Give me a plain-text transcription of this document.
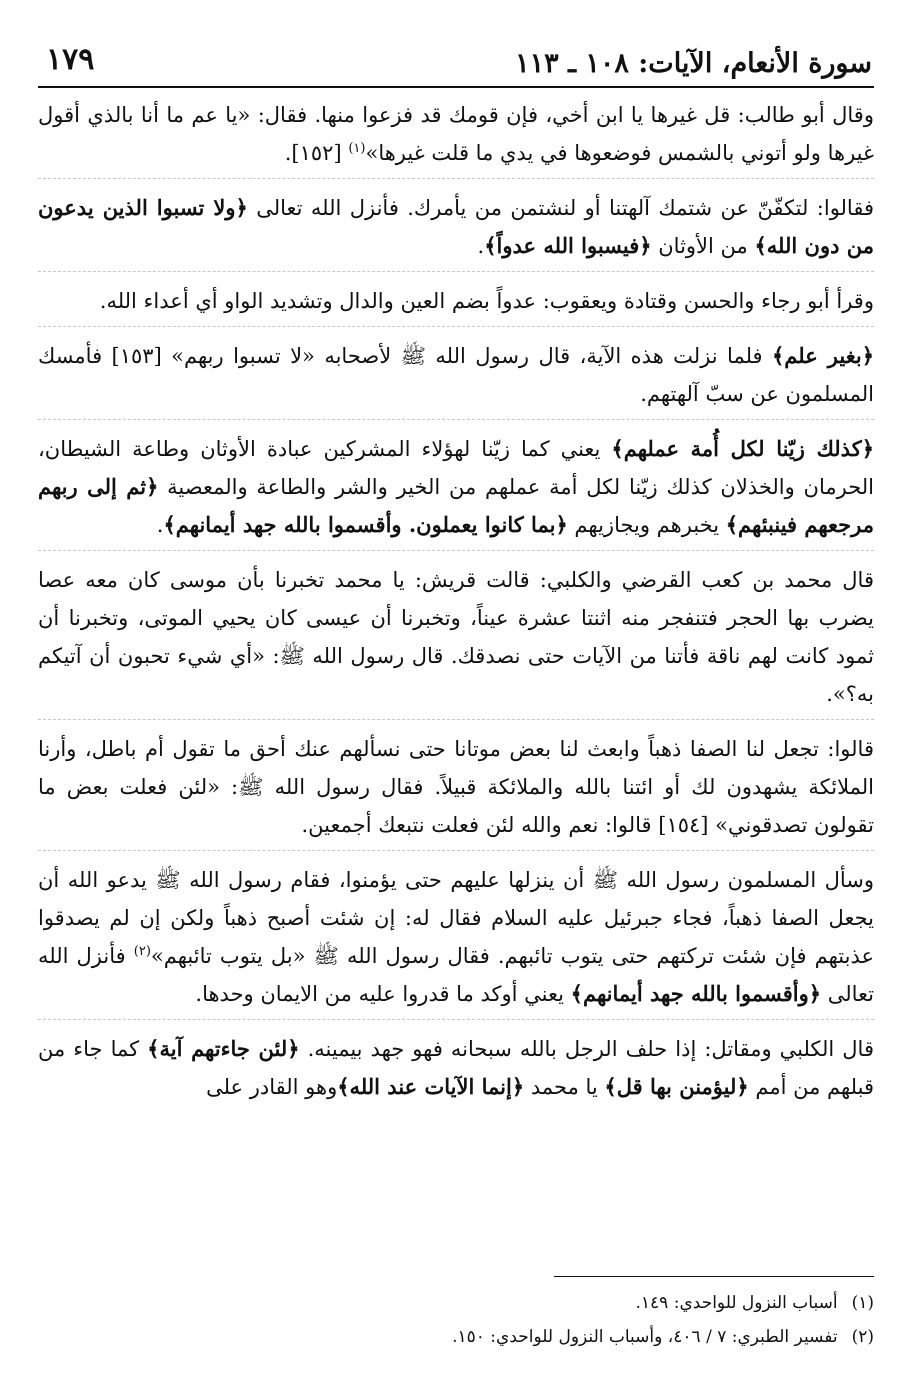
سورة الأنعام، الآيات: ١٠٨ ـ ١١٣
١٧٩

وقال أبو طالب: قل غيرها يا ابن أخي، فإن قومك قد فزعوا منها. فقال: «يا عم ما أنا بالذي أقول غيرها ولو أتوني بالشمس فوضعوها في يدي ما قلت غيرها»$^{(١)}$ [١٥٢].

فقالوا: لتكفّنّ عن شتمك آلهتنا أو لنشتمن من يأمرك. فأنزل الله تعالى ﴿ولا تسبوا الذين يدعون من دون الله﴾ من الأوثان ﴿فيسبوا الله عدواً﴾.

وقرأ أبو رجاء والحسن وقتادة ويعقوب: عدواً بضم العين والدال وتشديد الواو أي أعداء الله.

﴿بغير علم﴾ فلما نزلت هذه الآية، قال رسول الله ﷺ لأصحابه «لا تسبوا ربهم» [١٥٣] فأمسك المسلمون عن سبّ آلهتهم.

﴿كذلك زيّنا لكل أُمة عملهم﴾ يعني كما زيّنا لهؤلاء المشركين عبادة الأوثان وطاعة الشيطان، الحرمان والخذلان كذلك زيّنا لكل أمة عملهم من الخير والشر والطاعة والمعصية ﴿ثم إلى ربهم مرجعهم فينبئهم﴾ يخبرهم ويجازيهم ﴿بما كانوا يعملون. وأقسموا بالله جهد أيمانهم﴾.

قال محمد بن كعب القرضي والكلبي: قالت قريش: يا محمد تخبرنا بأن موسى كان معه عصا يضرب بها الحجر فتنفجر منه اثنتا عشرة عيناً، وتخبرنا أن عيسى كان يحيي الموتى، وتخبرنا أن ثمود كانت لهم ناقة فأتنا من الآيات حتى نصدقك. قال رسول الله ﷺ: «أي شيء تحبون أن آتيكم به؟».

قالوا: تجعل لنا الصفا ذهباً وابعث لنا بعض موتانا حتى نسألهم عنك أحق ما تقول أم باطل، وأرنا الملائكة يشهدون لك أو ائتنا بالله والملائكة قبيلاً. فقال رسول الله ﷺ: «لئن فعلت بعض ما تقولون تصدقوني» [١٥٤] قالوا: نعم والله لئن فعلت نتبعك أجمعين.

وسأل المسلمون رسول الله ﷺ أن ينزلها عليهم حتى يؤمنوا، فقام رسول الله ﷺ يدعو الله أن يجعل الصفا ذهباً، فجاء جبرئيل عليه السلام فقال له: إن شئت أصبح ذهباً ولكن إن لم يصدقوا عذبتهم فإن شئت تركتهم حتى يتوب تائبهم. فقال رسول الله ﷺ «بل يتوب تائبهم»$^{(٢)}$ فأنزل الله تعالى ﴿وأقسموا بالله جهد أيمانهم﴾ يعني أوكد ما قدروا عليه من الايمان وحدها.

قال الكلبي ومقاتل: إذا حلف الرجل بالله سبحانه فهو جهد بيمينه. ﴿لئن جاءتهم آية﴾ كما جاء من قبلهم من أمم ﴿ليؤمنن بها قل﴾ يا محمد ﴿إنما الآيات عند الله﴾وهو القادر على

(١)أسباب النزول للواحدي: ١٤٩.
(٢)تفسير الطبري: ٧ / ٤٠٦، وأسباب النزول للواحدي: ١٥٠.
